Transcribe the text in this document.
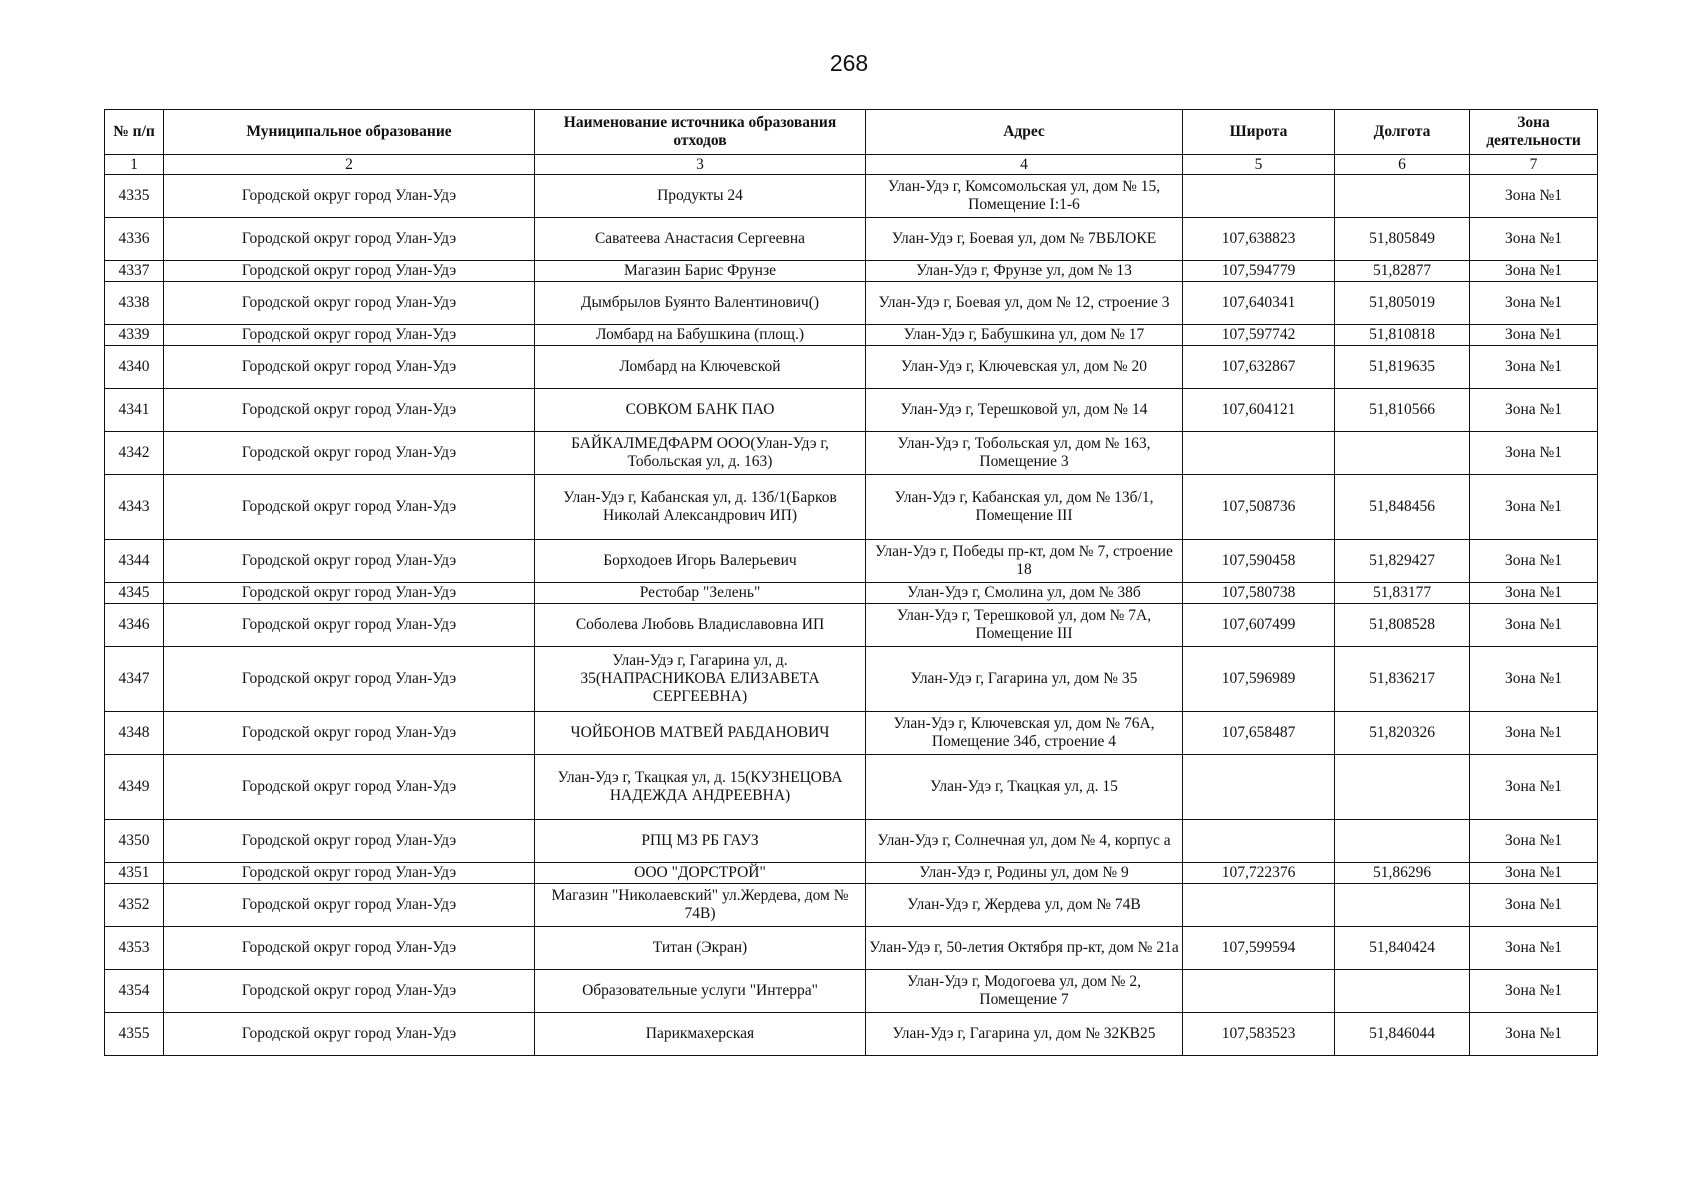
268
№ п/п	Муниципальное образование	Наименование источника образования отходов	Адрес	Широта	Долгота	Зона деятельности
1	2	3	4	5	6	7
4335	Городской округ город Улан-Удэ	Продукты 24	Улан-Удэ г, Комсомольская ул, дом № 15, Помещение I:1-6			Зона №1
4336	Городской округ город Улан-Удэ	Саватеева Анастасия Сергеевна	Улан-Удэ г, Боевая ул, дом № 7ВБЛОКЕ	107,638823	51,805849	Зона №1
4337	Городской округ город Улан-Удэ	Магазин Барис Фрунзе	Улан-Удэ г, Фрунзе ул, дом № 13	107,594779	51,82877	Зона №1
4338	Городской округ город Улан-Удэ	Дымбрылов Буянто Валентинович()	Улан-Удэ г, Боевая ул, дом № 12, строение 3	107,640341	51,805019	Зона №1
4339	Городской округ город Улан-Удэ	Ломбард на Бабушкина (площ.)	Улан-Удэ г, Бабушкина ул, дом № 17	107,597742	51,810818	Зона №1
4340	Городской округ город Улан-Удэ	Ломбард на Ключевской	Улан-Удэ г, Ключевская ул, дом № 20	107,632867	51,819635	Зона №1
4341	Городской округ город Улан-Удэ	СОВКОМ БАНК ПАО	Улан-Удэ г, Терешковой ул, дом № 14	107,604121	51,810566	Зона №1
4342	Городской округ город Улан-Удэ	БАЙКАЛМЕДФАРМ ООО(Улан-Удэ г, Тобольская ул, д. 163)	Улан-Удэ г, Тобольская ул, дом № 163, Помещение 3			Зона №1
4343	Городской округ город Улан-Удэ	Улан-Удэ г, Кабанская ул, д. 13б/1(Барков Николай Александрович ИП)	Улан-Удэ г, Кабанская ул, дом № 13б/1, Помещение III	107,508736	51,848456	Зона №1
4344	Городской округ город Улан-Удэ	Борходоев Игорь Валерьевич	Улан-Удэ г, Победы пр-кт, дом № 7, строение 18	107,590458	51,829427	Зона №1
4345	Городской округ город Улан-Удэ	Рестобар "Зелень"	Улан-Удэ г, Смолина ул, дом № 38б	107,580738	51,83177	Зона №1
4346	Городской округ город Улан-Удэ	Соболева Любовь Владиславовна ИП	Улан-Удэ г, Терешковой ул, дом № 7А, Помещение III	107,607499	51,808528	Зона №1
4347	Городской округ город Улан-Удэ	Улан-Удэ г, Гагарина ул, д. 35(НАПРАСНИКОВА ЕЛИЗАВЕТА СЕРГЕЕВНА)	Улан-Удэ г, Гагарина ул, дом № 35	107,596989	51,836217	Зона №1
4348	Городской округ город Улан-Удэ	ЧОЙБОНОВ МАТВЕЙ РАБДАНОВИЧ	Улан-Удэ г, Ключевская ул, дом № 76А, Помещение 34б, строение 4	107,658487	51,820326	Зона №1
4349	Городской округ город Улан-Удэ	Улан-Удэ г, Ткацкая ул, д. 15(КУЗНЕЦОВА НАДЕЖДА АНДРЕЕВНА)	Улан-Удэ г, Ткацкая ул, д. 15			Зона №1
4350	Городской округ город Улан-Удэ	РПЦ МЗ РБ ГАУЗ	Улан-Удэ г, Солнечная ул, дом № 4, корпус а			Зона №1
4351	Городской округ город Улан-Удэ	ООО "ДОРСТРОЙ"	Улан-Удэ г, Родины ул, дом № 9	107,722376	51,86296	Зона №1
4352	Городской округ город Улан-Удэ	Магазин "Николаевский" ул.Жердева, дом № 74В)	Улан-Удэ г, Жердева ул, дом № 74В			Зона №1
4353	Городской округ город Улан-Удэ	Титан (Экран)	Улан-Удэ г, 50-летия Октября пр-кт, дом № 21а	107,599594	51,840424	Зона №1
4354	Городской округ город Улан-Удэ	Образовательные услуги "Интерра"	Улан-Удэ г, Модогоева ул, дом № 2, Помещение 7			Зона №1
4355	Городской округ город Улан-Удэ	Парикмахерская	Улан-Удэ г, Гагарина ул, дом № 32КВ25	107,583523	51,846044	Зона №1
